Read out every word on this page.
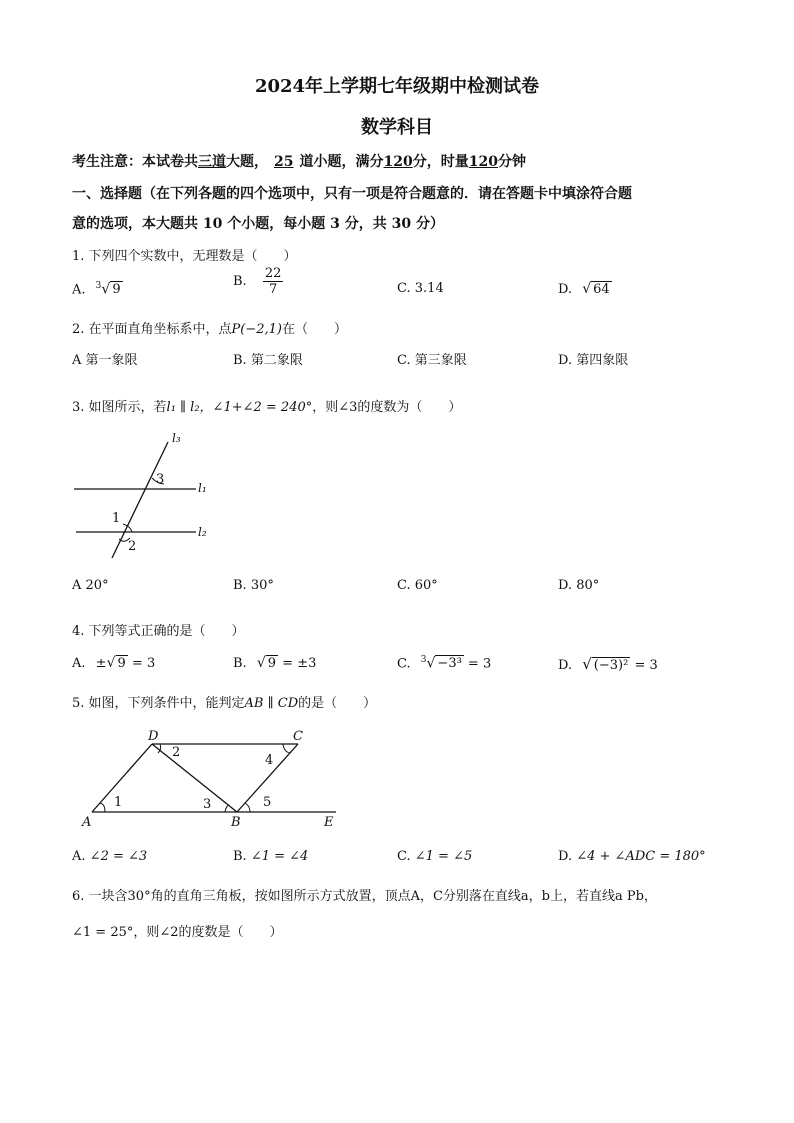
2024年上学期七年级期中检测试卷
数学科目
考生注意：本试卷共三道大题， 25 道小题，满分120分，时量120分钟
一、选择题（在下列各题的四个选项中，只有一项是符合题意的．请在答题卡中填涂符合题
意的选项，本大题共 10 个小题，每小题 3 分，共 30 分）
1. 下列四个实数中，无理数是（　　）
A. $^3$√ 9
B. $\frac{22}{7}$	C. 3.14	D. √ 64
2. 在平面直角坐标系中，点P(−2,1)在（　　）
A 第一象限	B. 第二象限	C. 第三象限	D. 第四象限
3. 如图所示，若l₁ ∥ l₂，∠1+∠2 = 240°，则∠3的度数为（　　）
l₃
l₁
l₂
3
1
2
A 20°	B. 30°	C. 60°	D. 80°
4. 下列等式正确的是（　　）
A. ±√ 9 = 3	B. √ 9 = ±3	C. $^3$√ −3³ = 3	D. √ (−3)² = 3
5. 如图，下列条件中，能判定AB ∥ CD的是（　　）
D	C
A	B	E
1
2
3
4
5
A. ∠2 = ∠3	B. ∠1 = ∠4	C. ∠1 = ∠5	D. ∠4 + ∠ADC = 180°
6. 一块含30°角的直角三角板，按如图所示方式放置，顶点A，C分别落在直线a，b上，若直线a Pb，
∠1 = 25°，则∠2的度数是（　　）
